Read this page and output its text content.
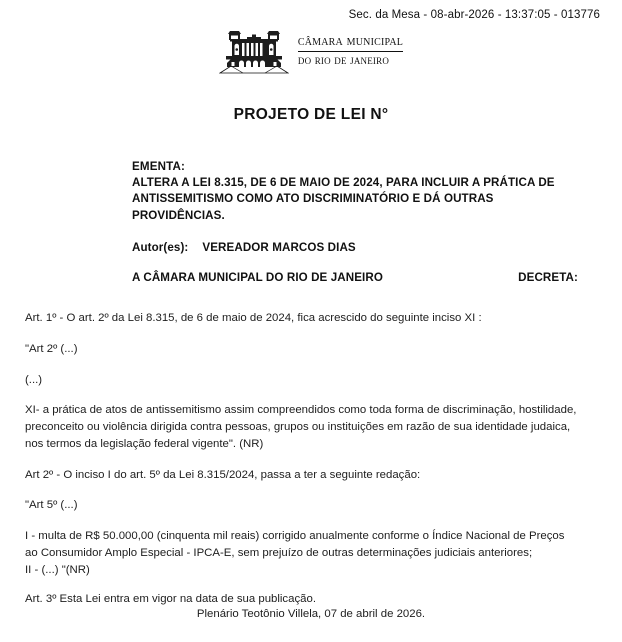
Sec. da Mesa - 08-abr-2026 - 13:37:05 - 013776
câmara municipal
do rio de janeiro
PROJETO DE LEI N°
EMENTA:
ALTERA A LEI 8.315, DE 6 DE MAIO DE 2024, PARA INCLUIR A PRÁTICA DE ANTISSEMITISMO COMO ATO DISCRIMINATÓRIO E DÁ OUTRAS PROVIDÊNCIAS.
Autor(es): VEREADOR MARCOS DIAS
A CÂMARA MUNICIPAL DO RIO DE JANEIRO	DECRETA:

Art. 1º - O art. 2º da Lei 8.315, de 6 de maio de 2024, fica acrescido do seguinte inciso XI :

"Art 2º (...)

(...)

XI- a prática de atos de antissemitismo assim compreendidos como toda forma de discriminação, hostilidade, preconceito ou violência dirigida contra pessoas, grupos ou instituições em razão de sua identidade judaica, nos termos da legislação federal vigente". (NR)

Art 2º - O inciso I do art. 5º da Lei 8.315/2024, passa a ter a seguinte redação:

"Art 5º (...)

I - multa de R$ 50.000,00 (cinquenta mil reais) corrigido anualmente conforme o Índice Nacional de Preços ao Consumidor Amplo Especial - IPCA-E, sem prejuízo de outras determinações judiciais anteriores;
II - (...) "(NR)

Art. 3º Esta Lei entra em vigor na data de sua publicação.

Plenário Teotônio Villela, 07 de abril de 2026.
